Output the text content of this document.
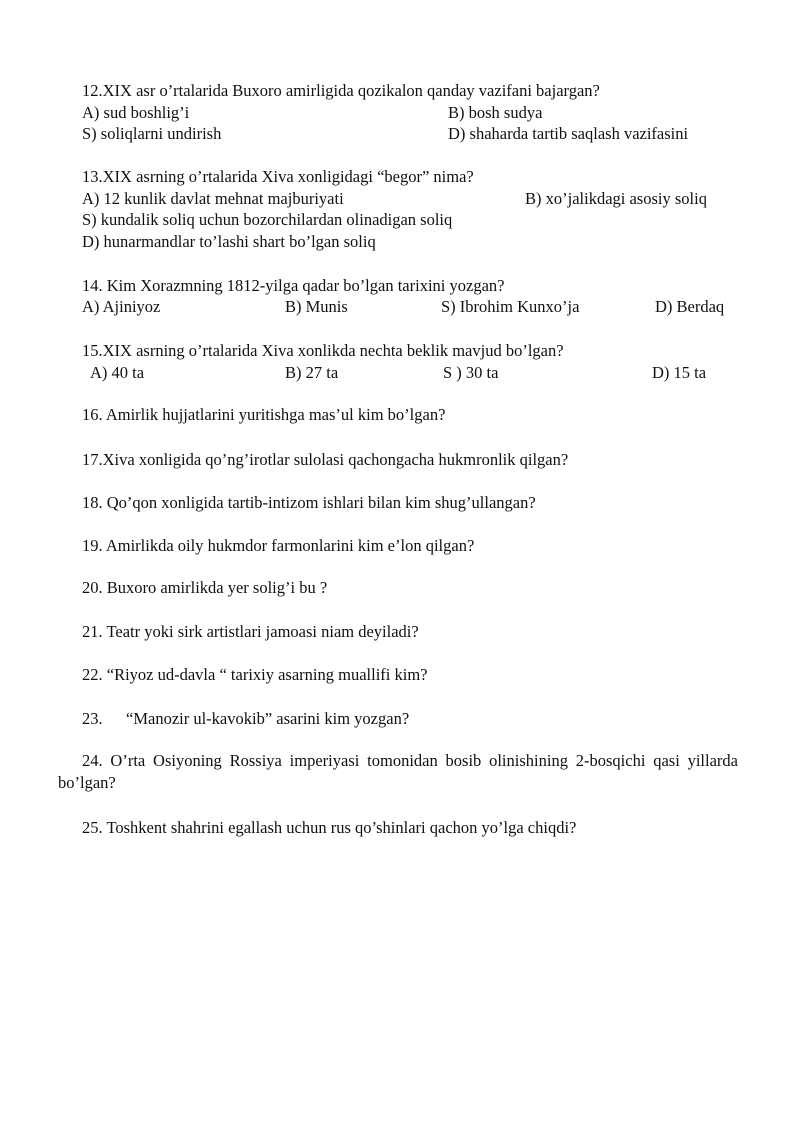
12.XIX asr o’rtalarida Buxoro amirligida qozikalon qanday vazifani bajargan?
A) sud boshlig’i	B) bosh sudya
S) soliqlarni undirish	D) shaharda tartib saqlash vazifasini
13.XIX asrning o’rtalarida Xiva xonligidagi “begor” nima?
A) 12 kunlik davlat mehnat majburiyati	B) xo’jalikdagi asosiy soliq
S) kundalik soliq uchun bozorchilardan olinadigan soliq
D) hunarmandlar to’lashi shart bo’lgan soliq
14. Kim Xorazmning 1812-yilga qadar bo’lgan tarixini yozgan?
A) Ajiniyoz	B) Munis	S) Ibrohim Kunxo’ja	D) Berdaq
15.XIX asrning o’rtalarida Xiva xonlikda nechta beklik mavjud bo’lgan?
A) 40 ta	B) 27 ta	S ) 30 ta	D) 15 ta
16. Amirlik hujjatlarini yuritishga mas’ul kim bo’lgan?
17.Xiva xonligida qo’ng’irotlar sulolasi qachongacha hukmronlik qilgan?
18. Qo’qon xonligida tartib-intizom ishlari bilan kim shug’ullangan?
19. Amirlikda oily hukmdor farmonlarini kim e’lon qilgan?
20. Buxoro amirlikda yer solig’i bu ?
21. Teatr yoki sirk artistlari jamoasi niam deyiladi?
22. “Riyoz ud-davla “ tarixiy asarning muallifi kim?
23. “Manozir ul-kavokib” asarini kim yozgan?
24. O’rta Osiyoning Rossiya imperiyasi tomonidan bosib olinishining 2-bosqichi qasi yillarda bo’lgan?
25. Toshkent shahrini egallash uchun rus qo’shinlari qachon yo’lga chiqdi?
